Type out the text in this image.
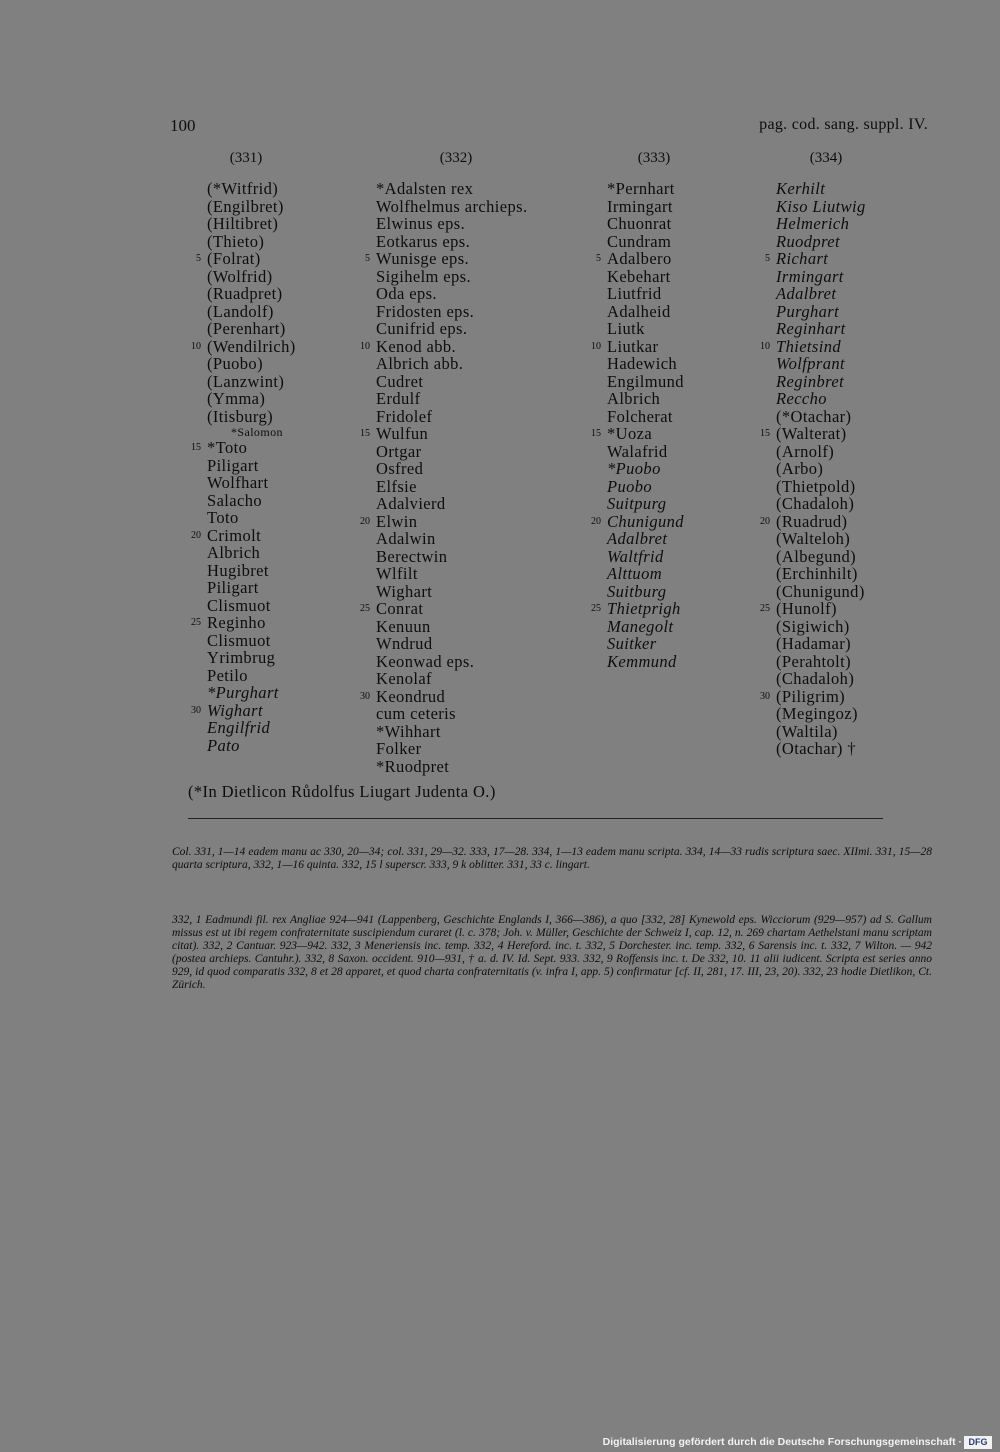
100	pag. cod. sang. suppl. IV.
(331)	(332)	(333)	(334)
(*Witfrid)
(Engilbret)
(Hiltibret)
(Thieto)
5 (Folrat)
(Wolfrid)
(Ruadpret)
(Landolf)
(Perenhart)
10 (Wendilrich)
(Puobo)
(Lanzwint)
(Ymma)
(Itisburg)
*Salomon
15 *Toto
Piligart
Wolfhart
Salacho
Toto
20 Crimolt
Albrich
Hugibret
Piligart
Clismuot
25 Reginho
Clismuot
Yrimbrug
Petilo
*Purghart
30 Wighart
Engilfrid
Pato
*Adalsten rex
Wolfhelmus archieps.
Elwinus eps.
Eotkarus eps.
5 Wunisge eps.
Sigihelm eps.
Oda eps.
Fridosten eps.
Cunifrid eps.
10 Kenod abb.
Albrich abb.
Cudret
Erdulf
Fridolef
15 Wulfun
Ortgar
Osfred
Elfsie
Adalvierd
20 Elwin
Adalwin
Berectwin
Wlfilt
Wighart
25 Conrat
Kenuun
Wndrud
Keonwad eps.
Kenolaf
30 Keondrud
cum ceteris
*Wihhart
Folker
*Ruodpret
*Pernhart
Irmingart
Chuonrat
Cundram
5 Adalbero
Kebehart
Liutfrid
Adalheid
Liutk
10 Liutkar
Hadewich
Engilmund
Albrich
Folcherat
15 *Uoza
Walafrid
*Puobo
Puobo
Suitpurg
20 Chunigund
Adalbret
Waltfrid
Alttuom
Suitburg
25 Thietprigh
Manegolt
Suitker
Kemmund
Kerhilt
Kiso Liutwig
Helmerich
Ruodpret
5 Richart
Irmingart
Adalbret
Purghart
Reginhart
10 Thietsind
Wolfprant
Reginbret
Reccho
(*Otachar)
15 (Walterat)
(Arnolf)
(Arbo)
(Thietpold)
(Chadaloh)
20 (Ruadrud)
(Walteloh)
(Albegund)
(Erchinhilt)
(Chunigund)
25 (Hunolf)
(Sigiwich)
(Hadamar)
(Perahtolt)
(Chadaloh)
30 (Piligrim)
(Megingoz)
(Waltila)
(Otachar) †
(*In Dietlicon Růdolfus Liugart Judenta O.)
Col. 331, 1—14 eadem manu ac 330, 20—34; col. 331, 29—32. 333, 17—28. 334, 1—13 eadem manu scripta. 334, 14—33 rudis scriptura saec. XIImi. 331, 15—28 quarta scriptura, 332, 1—16 quinta. 332, 15 l superscr. 333, 9 k oblitter. 331, 33 c. lingart.
332, 1 Eadmundi fil. rex Angliae 924—941 (Lappenberg, Geschichte Englands I, 366—386), a quo [332, 28] Kynewold eps. Wicciorum (929—957) ad S. Gallum missus est ut ibi regem confraternitate suscipiendum curaret (l. c. 378; Joh. v. Müller, Geschichte der Schweiz I, cap. 12, n. 269 chartam Aethelstani manu scriptam citat). 332, 2 Cantuar. 923—942. 332, 3 Meneriensis inc. temp. 332, 4 Hereford. inc. t. 332, 5 Dorchester. inc. temp. 332, 6 Sarensis inc. t. 332, 7 Wilton. — 942 (postea archieps. Cantuhr.). 332, 8 Saxon. occident. 910—931, † a. d. IV. Id. Sept. 933. 332, 9 Roffensis inc. t. De 332, 10. 11 alii iudicent. Scripta est series anno 929, id quod comparatis 332, 8 et 28 apparet, et quod charta confraternitatis (v. infra I, app. 5) confirmatur [cf. II, 281, 17. III, 23, 20). 332, 23 hodie Dietlikon, Ct. Zürich.
Digitalisierung gefördert durch die Deutsche Forschungsgemeinschaft · DFG
